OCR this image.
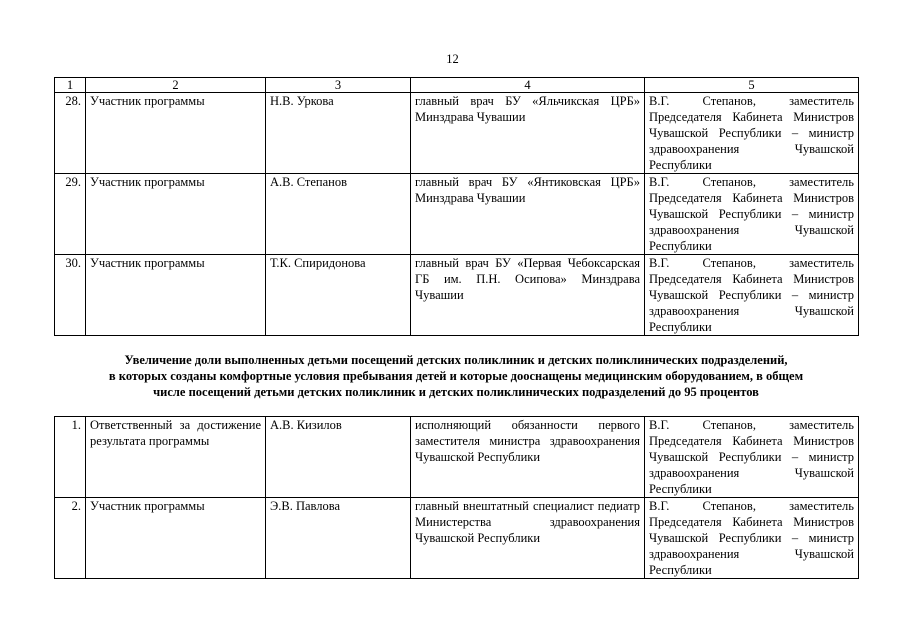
12
1	2	3	4	5
28.	Участник программы	Н.В. Уркова	главный врач БУ «Яльчикская ЦРБ» Минздрава Чувашии	В.Г. Степанов, заместитель Председателя Кабинета Министров Чувашской Республики – министр здравоохранения Чувашской Республики
29.	Участник программы	А.В. Степанов	главный врач БУ «Янтиковская ЦРБ» Минздрава Чувашии	В.Г. Степанов, заместитель Председателя Кабинета Министров Чувашской Республики – министр здравоохранения Чувашской Республики
30.	Участник программы	Т.К. Спиридонова	главный врач БУ «Первая Чебоксарская ГБ им. П.Н. Осипова» Минздрава Чувашии	В.Г. Степанов, заместитель Председателя Кабинета Министров Чувашской Республики – министр здравоохранения Чувашской Республики
Увеличение доли выполненных детьми посещений детских поликлиник и детских поликлинических подразделений,
в которых созданы комфортные условия пребывания детей и которые дооснащены медицинским оборудованием, в общем
числе посещений детьми детских поликлиник и детских поликлинических подразделений до 95 процентов
1.	Ответственный за достижение результата программы	А.В. Кизилов	исполняющий обязанности первого заместителя министра здравоохранения Чувашской Республики	В.Г. Степанов, заместитель Председателя Кабинета Министров Чувашской Республики – министр здравоохранения Чувашской Республики
2.	Участник программы	Э.В. Павлова	главный внештатный специалист педиатр Министерства здравоохранения Чувашской Республики	В.Г. Степанов, заместитель Председателя Кабинета Министров Чувашской Республики – министр здравоохранения Чувашской Республики
